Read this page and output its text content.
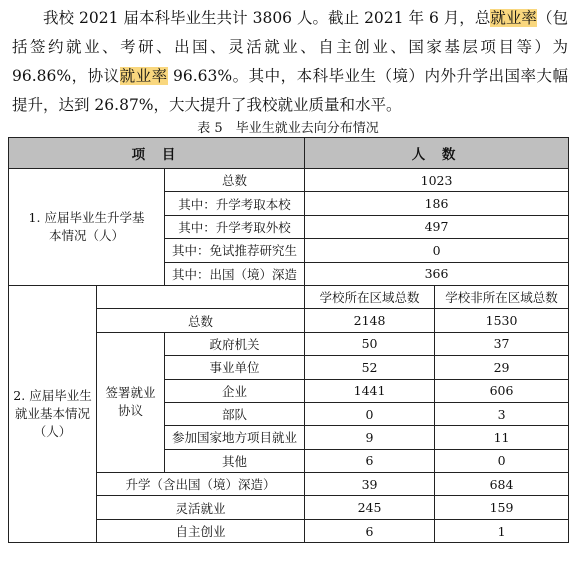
我校 2021 届本科毕业生共计 3806 人。截止 2021 年 6 月，总就业率（包括签约就业、考研、出国、灵活就业、自主创业、国家基层项目等）为 96.86%，协议就业率 96.63%。其中，本科毕业生（境）内外升学出国率大幅提升，达到 26.87%，大大提升了我校就业质量和水平。

表 5　毕业生就业去向分布情况
项 目			人 数	
1. 应届毕业生升学基本情况（人）		总数	1023	
		其中：升学考取本校	186	
		其中：升学考取外校	497	
		其中：免试推荐研究生	0	
		其中：出国（境）深造	366	
2. 应届毕业生就业基本情况（人）			学校所在区域总数	学校非所在区域总数
	总数		2148	1530
	签署就业协议	政府机关	50	37
		事业单位	52	29
		企业	1441	606
		部队	0	3
		参加国家地方项目就业	9	11
		其他	6	0
	升学（含出国（境）深造）		39	684
	灵活就业		245	159
	自主创业		6	1
